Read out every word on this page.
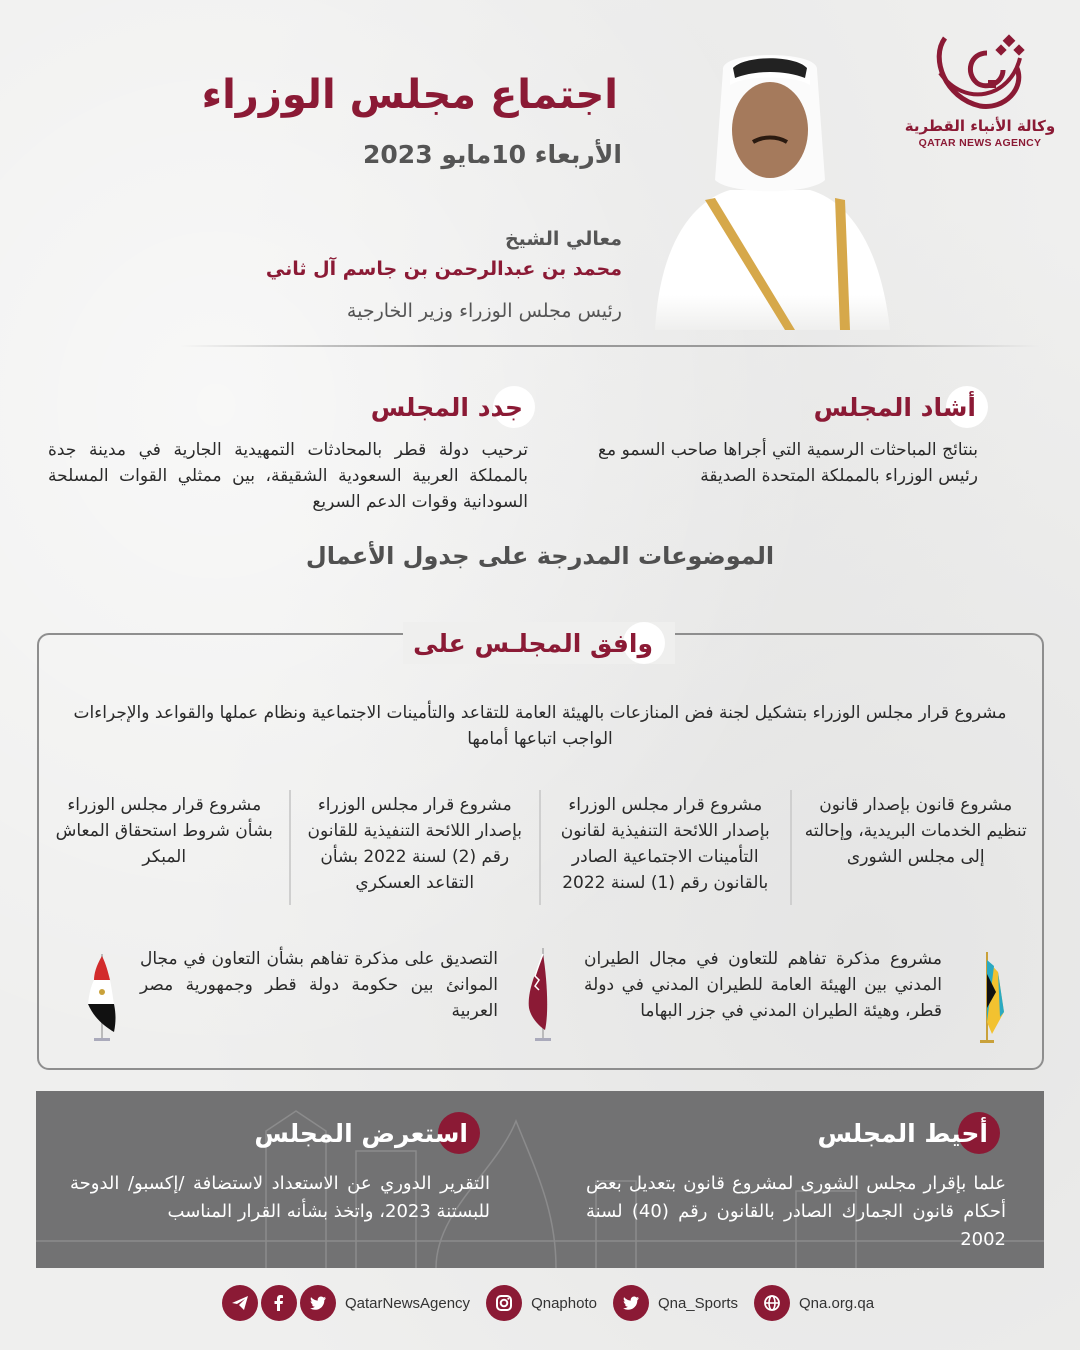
وكالة الأنباء القطرية
QATAR NEWS AGENCY
اجتماع مجلس الوزراء
الأربعاء 10مايو 2023
معالي الشيخ
محمد بن عبدالرحمن بن جاسم آل ثاني
رئيس مجلس الوزراء وزير الخارجية
أشاد المجلس
بنتائج المباحثات الرسمية التي أجراها صاحب السمو مع رئيس الوزراء بالمملكة المتحدة الصديقة
جدد المجلس
ترحيب دولة قطر بالمحادثات التمهيدية الجارية في مدينة جدة بالمملكة العربية السعودية الشقيقة، بين ممثلي القوات المسلحة السودانية وقوات الدعم السريع
الموضوعات المدرجة على جدول الأعمال
وافق المجلـس على
مشروع قرار مجلس الوزراء بتشكيل لجنة فض المنازعات بالهيئة العامة للتقاعد والتأمينات الاجتماعية ونظام عملها والقواعد والإجراءات الواجب اتباعها أمامها
مشروع قانون بإصدار قانون تنظيم الخدمات البريدية، وإحالته إلى مجلس الشورى
مشروع قرار مجلس الوزراء بإصدار اللائحة التنفيذية لقانون التأمينات الاجتماعية الصادر بالقانون رقم (1) لسنة 2022
مشروع قرار مجلس الوزراء بإصدار اللائحة التنفيذية للقانون رقم (2) لسنة 2022 بشأن التقاعد العسكري
مشروع قرار مجلس الوزراء بشأن شروط استحقاق المعاش المبكر
مشروع مذكرة تفاهم للتعاون في مجال الطيران المدني بين الهيئة العامة للطيران المدني في دولة قطر، وهيئة الطيران المدني في جزر البهاما
التصديق على مذكرة تفاهم بشأن التعاون في مجال الموانئ بين حكومة دولة قطر وجمهورية مصر العربية
أحيط المجلس
علما بإقرار مجلس الشورى لمشروع قانون بتعديل بعض أحكام قانون الجمارك الصادر بالقانون رقم (40) لسنة 2002
استعرض المجلس
التقرير الدوري عن الاستعداد لاستضافة /إكسبو/ الدوحة للبستنة 2023، واتخذ بشأنه القرار المناسب
QatarNewsAgency	Qnaphoto	Qna_Sports	Qna.org.qa
